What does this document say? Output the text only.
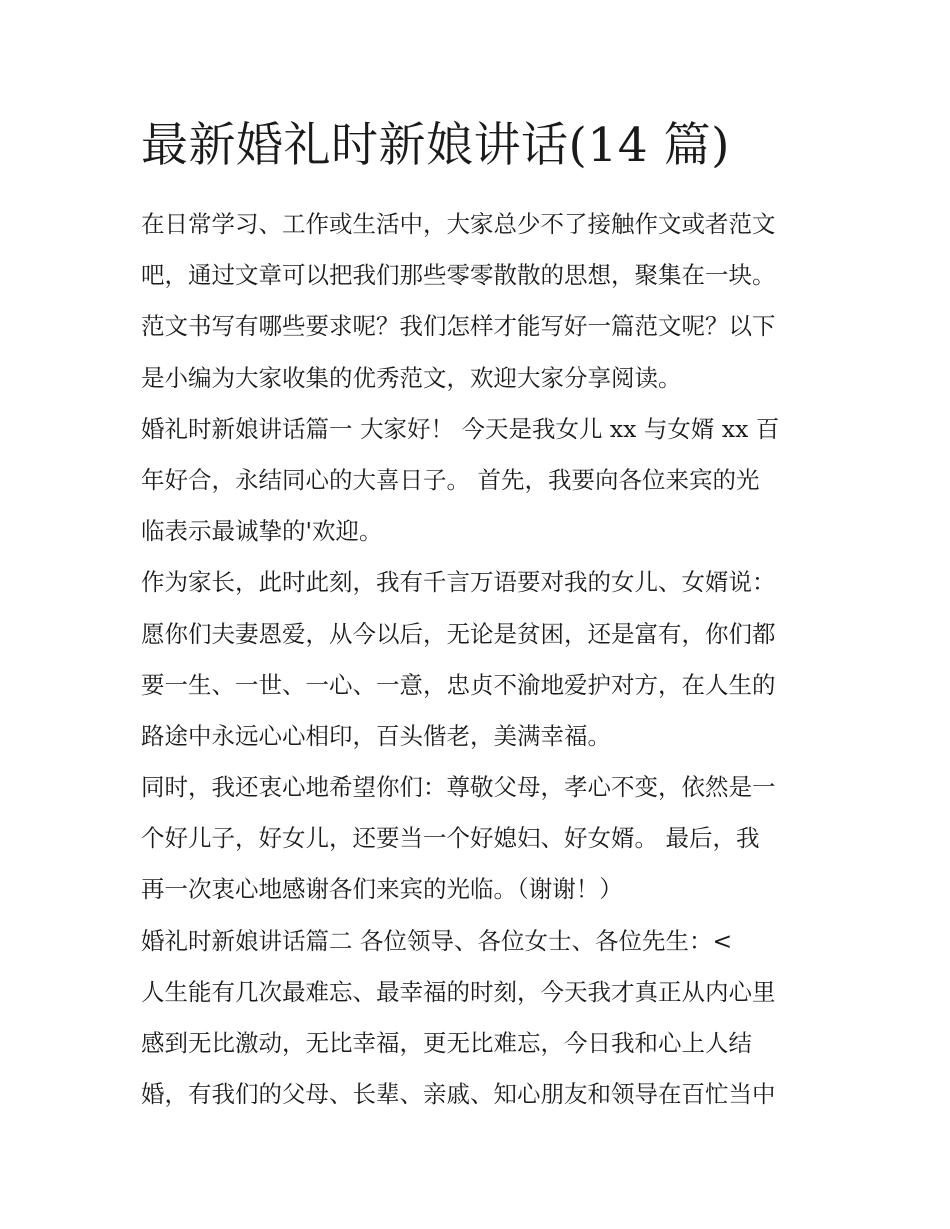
最新婚礼时新娘讲话(14 篇)
在日常学习、工作或生活中，大家总少不了接触作文或者范文
吧，通过文章可以把我们那些零零散散的思想，聚集在一块。
范文书写有哪些要求呢？我们怎样才能写好一篇范文呢？以下
是小编为大家收集的优秀范文，欢迎大家分享阅读。
婚礼时新娘讲话篇一 大家好！ 今天是我女儿 xx 与女婿 xx 百
年好合，永结同心的大喜日子。 首先，我要向各位来宾的光
临表示最诚挚的'欢迎。
作为家长，此时此刻，我有千言万语要对我的女儿、女婿说：
愿你们夫妻恩爱，从今以后，无论是贫困，还是富有，你们都
要一生、一世、一心、一意，忠贞不渝地爱护对方，在人生的
路途中永远心心相印，百头偕老，美满幸福。
同时，我还衷心地希望你们：尊敬父母，孝心不变，依然是一
个好儿子，好女儿，还要当一个好媳妇、好女婿。 最后，我
再一次衷心地感谢各们来宾的光临。（谢谢！）
婚礼时新娘讲话篇二 各位领导、各位女士、各位先生：<
人生能有几次最难忘、最幸福的时刻，今天我才真正从内心里
感到无比激动，无比幸福，更无比难忘，今日我和心上人结
婚，有我们的父母、长辈、亲戚、知心朋友和领导在百忙当中
